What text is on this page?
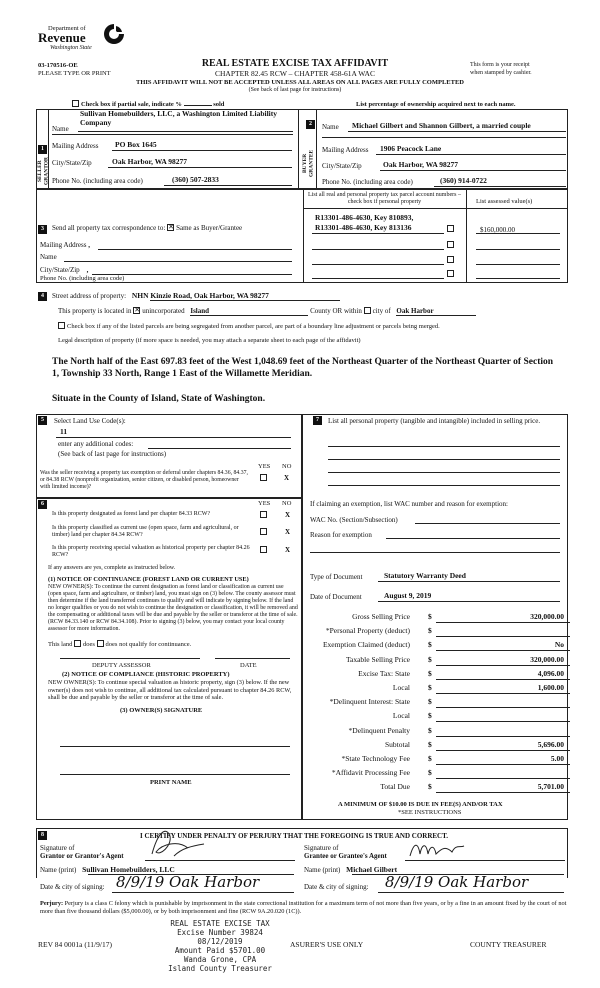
Department of
Revenue
Washington State
03-170516-OE
PLEASE TYPE OR PRINT
REAL ESTATE EXCISE TAX AFFIDAVIT
CHAPTER 82.45 RCW – CHAPTER 458-61A WAC
THIS AFFIDAVIT WILL NOT BE ACCEPTED UNLESS ALL AREAS ON ALL PAGES ARE FULLY COMPLETED
(See back of last page for instructions)
This form is your receipt
when stamped by cashier.
Check box if partial sale, indicate %	sold	List percentage of ownership acquired next to each name.
1
SELLER GRANTOR
Name
Sullivan Homebuilders, LLC, a Washington Limited Liability Company
Mailing Address PO Box 1645
City/State/Zip	Oak Harbor, WA 98277
Phone No. (including area code)	(360) 507-2833
2
BUYER GRANTEE
Name Michael Gilbert and Shannon Gilbert, a married couple
Mailing Address 1906 Peacock Lane
City/State/Zip	Oak Harbor, WA 98277
Phone No. (including area code)	(360) 914-0722
3	Send all property tax correspondence to: ✕ Same as Buyer/Grantee
Name
Mailing Address ,
City/State/Zip ,
Phone No. (including area code)
List all real and personal property tax parcel account numbers – check box if personal property	List assessed value(s)
R13301-486-4630, Key 810893,
R13301-486-4630, Key 813136	$160,000.00
4	Street address of property: NHN Kinzie Road, Oak Harbor, WA 98277
This property is located in ✕ unincorporated Island	County OR within city of Oak Harbor
Check box if any of the listed parcels are being segregated from another parcel, are part of a boundary line adjustment or parcels being merged.
Legal description of property (if more space is needed, you may attach a separate sheet to each page of the affidavit)
The North half of the East 697.83 feet of the West 1,048.69 feet of the Northeast Quarter of the Northeast Quarter of Section 1, Township 33 North, Range 1 East of the Willamette Meridian.
Situate in the County of Island, State of Washington.
5	Select Land Use Code(s):
11
enter any additional codes:
(See back of last page for instructions)
YES NO
Was the seller receiving a property tax exemption or deferral under chapters 84.36, 84.37, or 84.38 RCW (nonprofit organization, senior citizen, or disabled person, homeowner with limited income)?
X
6	YES NO
Is this property designated as forest land per chapter 84.33 RCW?	X
Is this property classified as current use (open space, farm and agricultural, or timber) land per chapter 84.34 RCW?	X
Is this property receiving special valuation as historical property per chapter 84.26 RCW?
X
If any answers are yes, complete as instructed below.
(1) NOTICE OF CONTINUANCE (FOREST LAND OR CURRENT USE)
NEW OWNER(S): To continue the current designation as forest land or classification as current use (open space, farm and agriculture, or timber) land, you must sign on (3) below. The county assessor must then determine if the land transferred continues to qualify and will indicate by signing below. If the land no longer qualifies or you do not wish to continue the designation or classification, it will be removed and the compensating or additional taxes will be due and payable by the seller or transferor at the time of sale. (RCW 84.33.140 or RCW 84.34.108). Prior to signing (3) below, you may contact your local county assessor for more information.
This land does does not qualify for continuance.
DEPUTY ASSESSOR	DATE
(2) NOTICE OF COMPLIANCE (HISTORIC PROPERTY)
NEW OWNER(S): To continue special valuation as historic property, sign (3) below. If the new owner(s) does not wish to continue, all additional tax calculated pursuant to chapter 84.26 RCW, shall be due and payable by the seller or transferor at the time of sale.
(3) OWNER(S) SIGNATURE
PRINT NAME
7	List all personal property (tangible and intangible) included in selling price.
If claiming an exemption, list WAC number and reason for exemption:
WAC No. (Section/Subsection)
Reason for exemption
Type of Document	Statutory Warranty Deed
Date of Document	August 9, 2019
Gross Selling Price $	320,000.00
*Personal Property (deduct) $
Exemption Claimed (deduct) $	No
Taxable Selling Price $	320,000.00
Excise Tax: State $	4,096.00
Local $	1,600.00
*Delinquent Interest: State $
Local $
*Delinquent Penalty $
Subtotal $	5,696.00
*State Technology Fee $	5.00
*Affidavit Processing Fee $
Total Due $	5,701.00
A MINIMUM OF $10.00 IS DUE IN FEE(S) AND/OR TAX
*SEE INSTRUCTIONS
8	I CERTIFY UNDER PENALTY OF PERJURY THAT THE FOREGOING IS TRUE AND CORRECT.
Signature of
Grantor or Grantor's Agent
Signature of
Grantee or Grantee's Agent
Name (print) Sullivan Homebuilders, LLC	Name (print) Michael Gilbert
Date & city of signing: 8/9/19 Oak Harbor	Date & city of signing: 8/9/19 Oak Harbor
Perjury: Perjury is a class C felony which is punishable by imprisonment in the state correctional institution for a maximum term of not more than five years, or by a fine in an amount fixed by the court of not more than five thousand dollars ($5,000.00), or by both imprisonment and fine (RCW 9A.20.020 (1C)).
REAL ESTATE EXCISE TAX
Excise Number 39824
08/12/2019
Amount Paid $5701.00
Wanda Grone, CPA
Island County Treasurer
REV 84 0001a (11/9/17)	ASURER'S USE ONLY	COUNTY TREASURER
